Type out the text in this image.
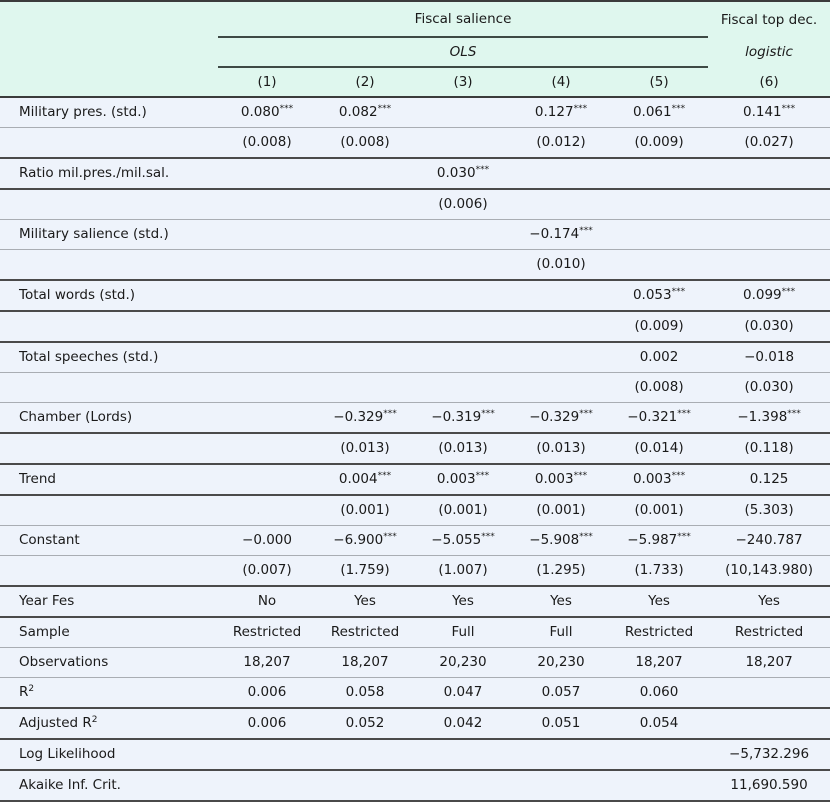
	Fiscal salience					Fiscal top dec.
	OLS					logistic
	(1)	(2)	(3)	(4)	(5)	(6)
Military pres. (std.)	0.080***	0.082***		0.127***	0.061***	0.141***
	(0.008)	(0.008)		(0.012)	(0.009)	(0.027)
Ratio mil.pres./mil.sal.			0.030***			
			(0.006)			
Military salience (std.)				−0.174***		
				(0.010)		
Total words (std.)					0.053***	0.099***
					(0.009)	(0.030)
Total speeches (std.)					0.002	−0.018
					(0.008)	(0.030)
Chamber (Lords)		−0.329***	−0.319***	−0.329***	−0.321***	−1.398***
		(0.013)	(0.013)	(0.013)	(0.014)	(0.118)
Trend		0.004***	0.003***	0.003***	0.003***	0.125
		(0.001)	(0.001)	(0.001)	(0.001)	(5.303)
Constant	−0.000	−6.900***	−5.055***	−5.908***	−5.987***	−240.787
	(0.007)	(1.759)	(1.007)	(1.295)	(1.733)	(10,143.980)
Year Fes	No	Yes	Yes	Yes	Yes	Yes
Sample	Restricted	Restricted	Full	Full	Restricted	Restricted
Observations	18,207	18,207	20,230	20,230	18,207	18,207
$R^2$	0.006	0.058	0.047	0.057	0.060	
Adjusted $R^2$	0.006	0.052	0.042	0.051	0.054	
Log Likelihood						−5,732.296
Akaike Inf. Crit.						11,690.590
